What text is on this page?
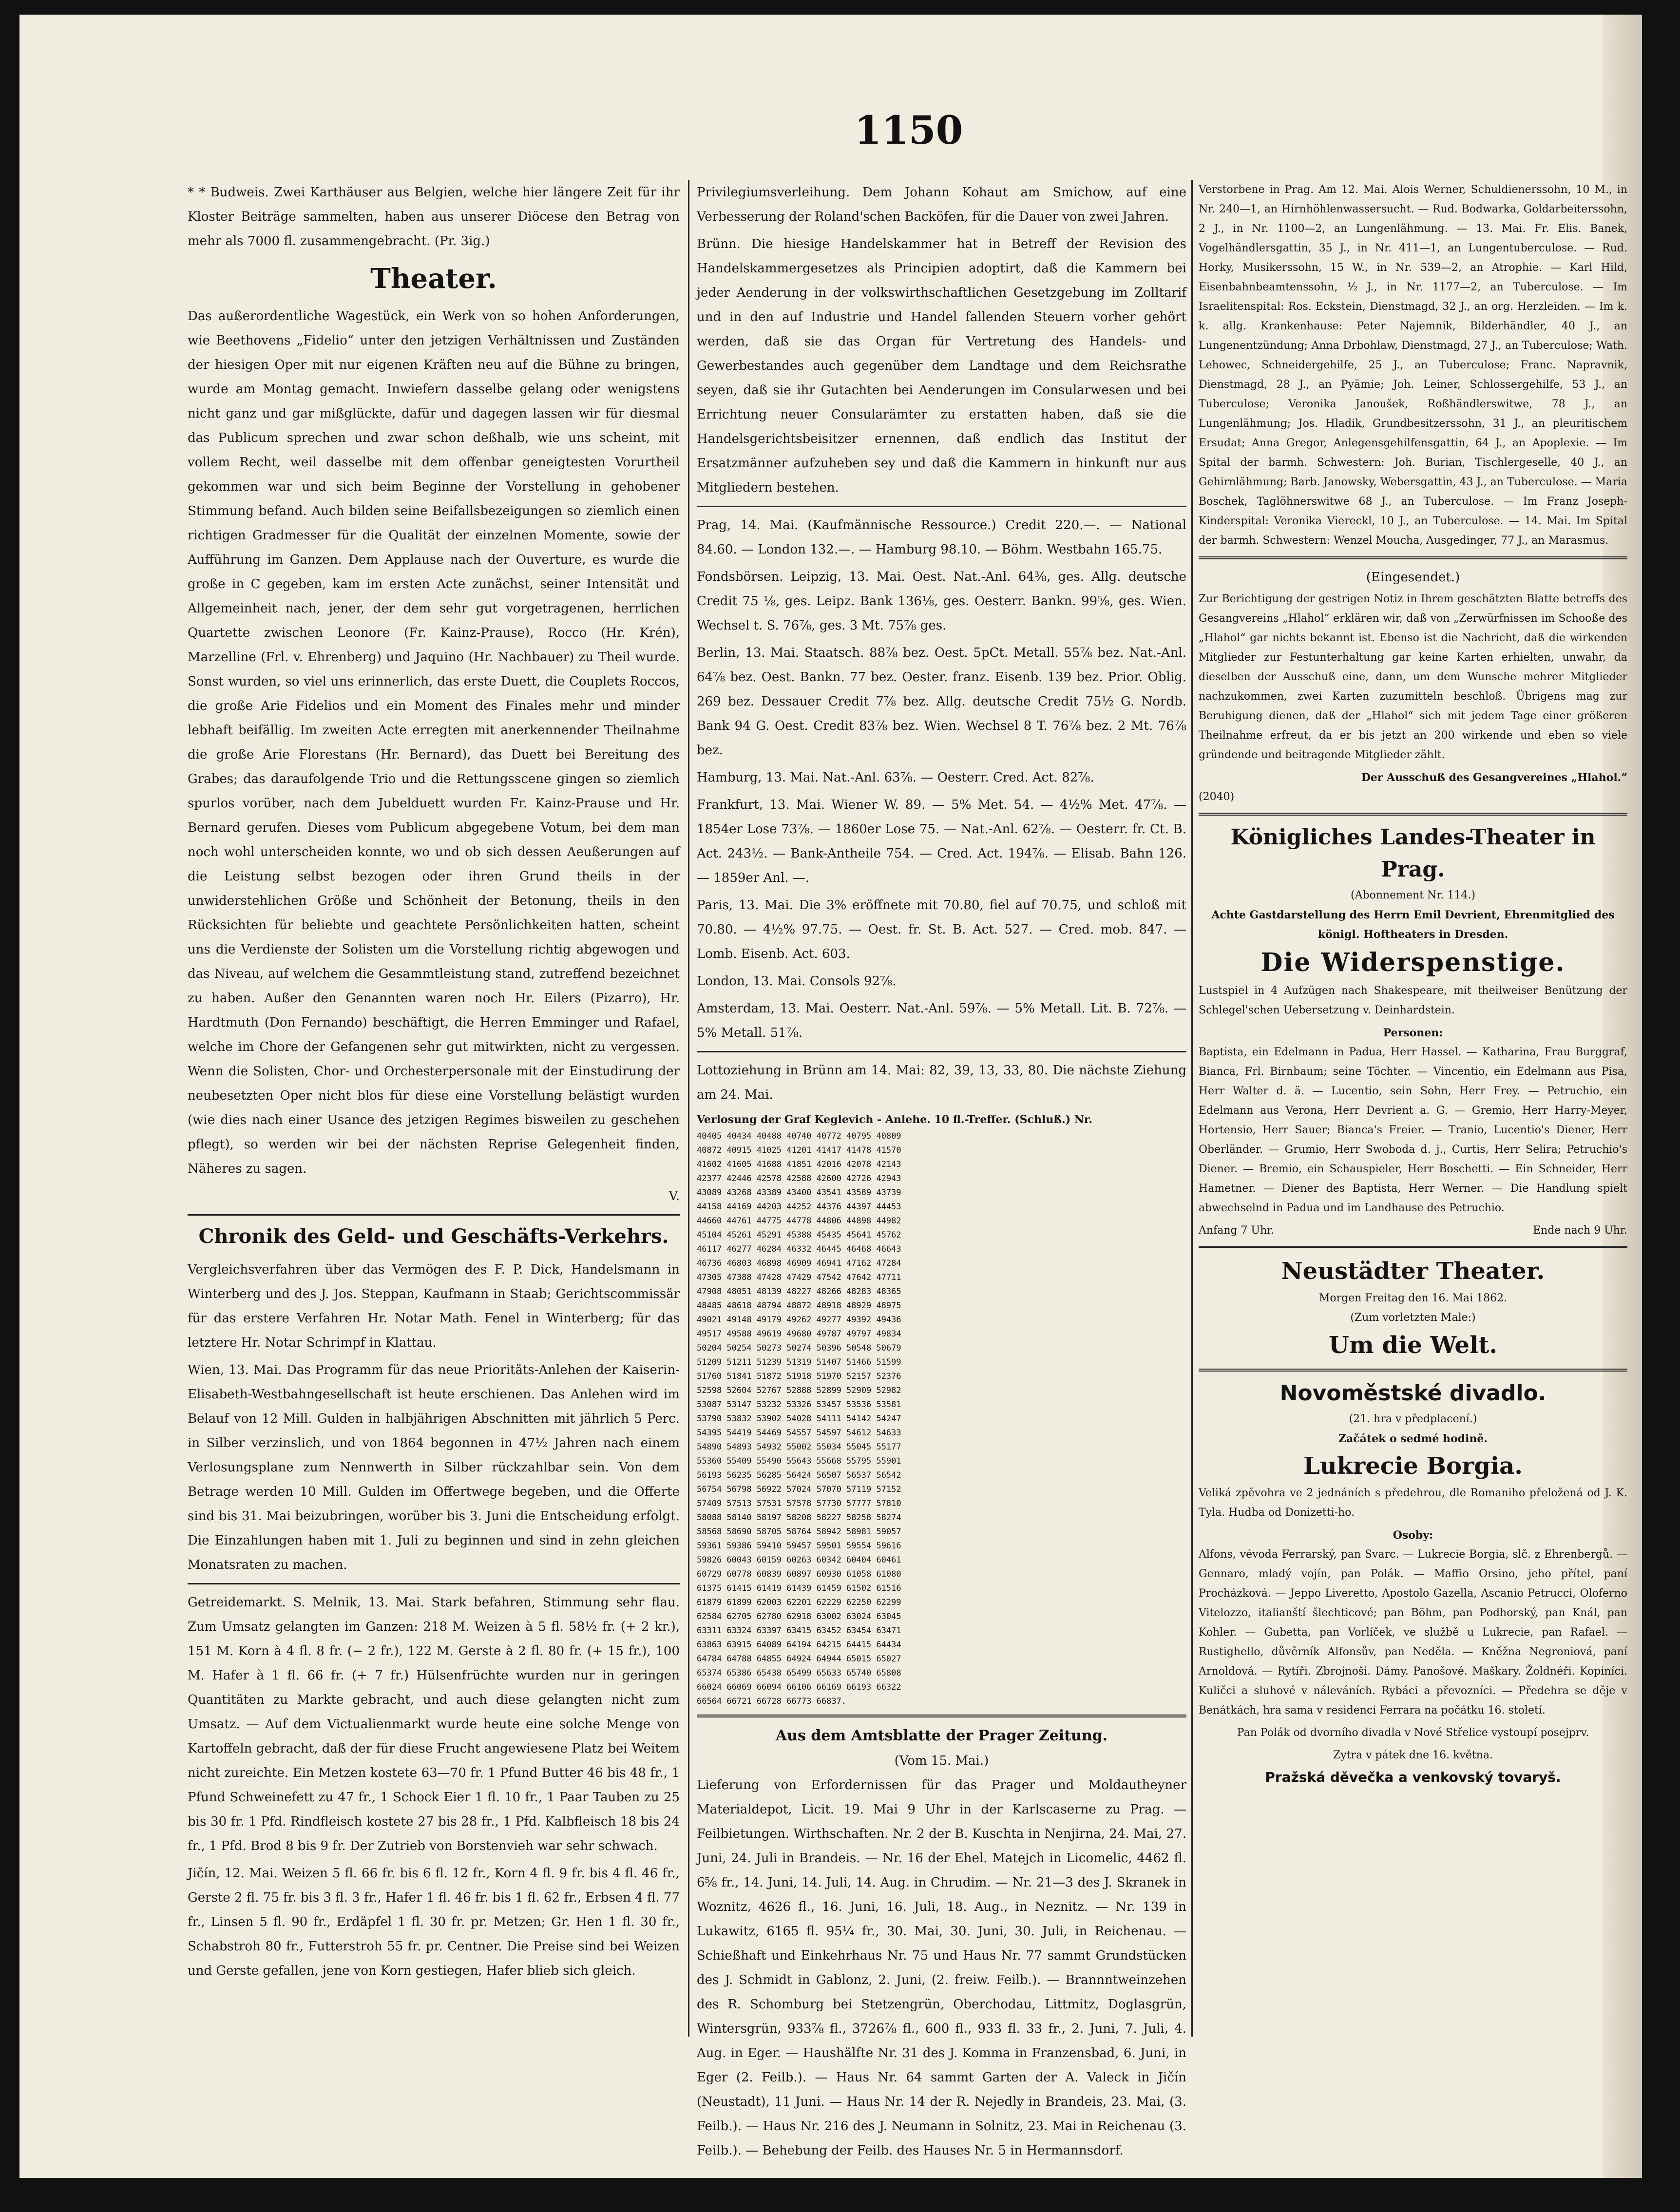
1150

* * Budweis. Zwei Karthäuser aus Belgien, welche hier längere Zeit für ihr Kloster Beiträge sammelten, haben aus unserer Diöcese den Betrag von mehr als 7000 fl. zusammengebracht. (Pr. 3ig.)

Theater.

Das außerordentliche Wagestück, ein Werk von so hohen Anforderungen, wie Beethovens „Fidelio“ unter den jetzigen Verhältnissen und Zuständen der hiesigen Oper mit nur eigenen Kräften neu auf die Bühne zu bringen, wurde am Montag gemacht. Inwiefern dasselbe gelang oder wenigstens nicht ganz und gar mißglückte, dafür und dagegen lassen wir für diesmal das Publicum sprechen und zwar schon deßhalb, wie uns scheint, mit vollem Recht, weil dasselbe mit dem offenbar geneigtesten Vorurtheil gekommen war und sich beim Beginne der Vorstellung in gehobener Stimmung befand. Auch bilden seine Beifallsbezeigungen so ziemlich einen richtigen Gradmesser für die Qualität der einzelnen Momente, sowie der Aufführung im Ganzen. Dem Applause nach der Ouverture, es wurde die große in C gegeben, kam im ersten Acte zunächst, seiner Intensität und Allgemeinheit nach, jener, der dem sehr gut vorgetragenen, herrlichen Quartette zwischen Leonore (Fr. Kainz-Prause), Rocco (Hr. Krén), Marzelline (Frl. v. Ehrenberg) und Jaquino (Hr. Nachbauer) zu Theil wurde. Sonst wurden, so viel uns erinnerlich, das erste Duett, die Couplets Roccos, die große Arie Fidelios und ein Moment des Finales mehr und minder lebhaft beifällig. Im zweiten Acte erregten mit anerkennender Theilnahme die große Arie Florestans (Hr. Bernard), das Duett bei Bereitung des Grabes; das daraufolgende Trio und die Rettungsscene gingen so ziemlich spurlos vorüber, nach dem Jubelduett wurden Fr. Kainz-Prause und Hr. Bernard gerufen. Dieses vom Publicum abgegebene Votum, bei dem man noch wohl unterscheiden konnte, wo und ob sich dessen Aeußerungen auf die Leistung selbst bezogen oder ihren Grund theils in der unwiderstehlichen Größe und Schönheit der Betonung, theils in den Rücksichten für beliebte und geachtete Persönlichkeiten hatten, scheint uns die Verdienste der Solisten um die Vorstellung richtig abgewogen und das Niveau, auf welchem die Gesammtleistung stand, zutreffend bezeichnet zu haben. Außer den Genannten waren noch Hr. Eilers (Pizarro), Hr. Hardtmuth (Don Fernando) beschäftigt, die Herren Emminger und Rafael, welche im Chore der Gefangenen sehr gut mitwirkten, nicht zu vergessen. Wenn die Solisten, Chor- und Orchesterpersonale mit der Einstudirung der neubesetzten Oper nicht blos für diese eine Vorstellung belästigt wurden (wie dies nach einer Usance des jetzigen Regimes bisweilen zu geschehen pflegt), so werden wir bei der nächsten Reprise Gelegenheit finden, Näheres zu sagen.

V.
Chronik des Geld- und Geschäfts-Verkehrs.

Vergleichsverfahren über das Vermögen des F. P. Dick, Handelsmann in Winterberg und des J. Jos. Steppan, Kaufmann in Staab; Gerichtscommissär für das erstere Verfahren Hr. Notar Math. Fenel in Winterberg; für das letztere Hr. Notar Schrimpf in Klattau.

Wien, 13. Mai. Das Programm für das neue Prioritäts-Anlehen der Kaiserin-Elisabeth-Westbahngesellschaft ist heute erschienen. Das Anlehen wird im Belauf von 12 Mill. Gulden in halbjährigen Abschnitten mit jährlich 5 Perc. in Silber verzinslich, und von 1864 begonnen in 47½ Jahren nach einem Verlosungsplane zum Nennwerth in Silber rückzahlbar sein. Von dem Betrage werden 10 Mill. Gulden im Offertwege begeben, und die Offerte sind bis 31. Mai beizubringen, worüber bis 3. Juni die Entscheidung erfolgt. Die Einzahlungen haben mit 1. Juli zu beginnen und sind in zehn gleichen Monatsraten zu machen.

Getreidemarkt. S. Melnik, 13. Mai. Stark befahren, Stimmung sehr flau. Zum Umsatz gelangten im Ganzen: 218 M. Weizen à 5 fl. 58½ fr. (+ 2 kr.), 151 M. Korn à 4 fl. 8 fr. (− 2 fr.), 122 M. Gerste à 2 fl. 80 fr. (+ 15 fr.), 100 M. Hafer à 1 fl. 66 fr. (+ 7 fr.) Hülsenfrüchte wurden nur in geringen Quantitäten zu Markte gebracht, und auch diese gelangten nicht zum Umsatz. — Auf dem Victualienmarkt wurde heute eine solche Menge von Kartoffeln gebracht, daß der für diese Frucht angewiesene Platz bei Weitem nicht zureichte. Ein Metzen kostete 63—70 fr. 1 Pfund Butter 46 bis 48 fr., 1 Pfund Schweinefett zu 47 fr., 1 Schock Eier 1 fl. 10 fr., 1 Paar Tauben zu 25 bis 30 fr. 1 Pfd. Rindfleisch kostete 27 bis 28 fr., 1 Pfd. Kalbfleisch 18 bis 24 fr., 1 Pfd. Brod 8 bis 9 fr. Der Zutrieb von Borstenvieh war sehr schwach.

Jičín, 12. Mai. Weizen 5 fl. 66 fr. bis 6 fl. 12 fr., Korn 4 fl. 9 fr. bis 4 fl. 46 fr., Gerste 2 fl. 75 fr. bis 3 fl. 3 fr., Hafer 1 fl. 46 fr. bis 1 fl. 62 fr., Erbsen 4 fl. 77 fr., Linsen 5 fl. 90 fr., Erdäpfel 1 fl. 30 fr. pr. Metzen; Gr. Hen 1 fl. 30 fr., Schabstroh 80 fr., Futterstroh 55 fr. pr. Centner. Die Preise sind bei Weizen und Gerste gefallen, jene von Korn gestiegen, Hafer blieb sich gleich.

Privilegiumsverleihung. Dem Johann Kohaut am Smichow, auf eine Verbesserung der Roland'schen Backöfen, für die Dauer von zwei Jahren.

Brünn. Die hiesige Handelskammer hat in Betreff der Revision des Handelskammergesetzes als Principien adoptirt, daß die Kammern bei jeder Aenderung in der volkswirthschaftlichen Gesetzgebung im Zolltarif und in den auf Industrie und Handel fallenden Steuern vorher gehört werden, daß sie das Organ für Vertretung des Handels- und Gewerbestandes auch gegenüber dem Landtage und dem Reichsrathe seyen, daß sie ihr Gutachten bei Aenderungen im Consularwesen und bei Errichtung neuer Consularämter zu erstatten haben, daß sie die Handelsgerichtsbeisitzer ernennen, daß endlich das Institut der Ersatzmänner aufzuheben sey und daß die Kammern in hinkunft nur aus Mitgliedern bestehen.

Prag, 14. Mai. (Kaufmännische Ressource.) Credit 220.—. — National 84.60. — London 132.—. — Hamburg 98.10. — Böhm. Westbahn 165.75.

Fondsbörsen. Leipzig, 13. Mai. Oest. Nat.-Anl. 64⅜, ges. Allg. deutsche Credit 75 ⅛, ges. Leipz. Bank 136⅛, ges. Oesterr. Bankn. 99⅝, ges. Wien. Wechsel t. S. 76⅞, ges. 3 Mt. 75⅞ ges.

Berlin, 13. Mai. Staatsch. 88⅞ bez. Oest. 5pCt. Metall. 55⅞ bez. Nat.-Anl. 64⅞ bez. Oest. Bankn. 77 bez. Oester. franz. Eisenb. 139 bez. Prior. Oblig. 269 bez. Dessauer Credit 7⅞ bez. Allg. deutsche Credit 75½ G. Nordb. Bank 94 G. Oest. Credit 83⅞ bez. Wien. Wechsel 8 T. 76⅞ bez. 2 Mt. 76⅞ bez.

Hamburg, 13. Mai. Nat.-Anl. 63⅞. — Oesterr. Cred. Act. 82⅞.

Frankfurt, 13. Mai. Wiener W. 89. — 5% Met. 54. — 4½% Met. 47⅞. — 1854er Lose 73⅞. — 1860er Lose 75. — Nat.-Anl. 62⅞. — Oesterr. fr. Ct. B. Act. 243½. — Bank-Antheile 754. — Cred. Act. 194⅞. — Elisab. Bahn 126. — 1859er Anl. —.

Paris, 13. Mai. Die 3% eröffnete mit 70.80, fiel auf 70.75, und schloß mit 70.80. — 4½% 97.75. — Oest. fr. St. B. Act. 527. — Cred. mob. 847. — Lomb. Eisenb. Act. 603.

London, 13. Mai. Consols 92⅞.

Amsterdam, 13. Mai. Oesterr. Nat.-Anl. 59⅞. — 5% Metall. Lit. B. 72⅞. — 5% Metall. 51⅞.

Lottoziehung in Brünn am 14. Mai: 82, 39, 13, 33, 80. Die nächste Ziehung am 24. Mai.

Verlosung der Graf Keglevich - Anlehe. 10 fl.-Treffer. (Schluß.) Nr.
40405 40434 40488 40740 40772 40795 40809
40872 40915 41025 41201 41417 41478 41570
41602 41605 41688 41851 42016 42078 42143
42377 42446 42578 42588 42600 42726 42943
43089 43268 43389 43400 43541 43589 43739
44158 44169 44203 44252 44376 44397 44453
44660 44761 44775 44778 44806 44898 44982
45104 45261 45291 45388 45435 45641 45762
46117 46277 46284 46332 46445 46468 46643
46736 46803 46898 46909 46941 47162 47284
47305 47388 47428 47429 47542 47642 47711
47908 48051 48139 48227 48266 48283 48365
48485 48618 48794 48872 48918 48929 48975
49021 49148 49179 49262 49277 49392 49436
49517 49588 49619 49680 49787 49797 49834
50204 50254 50273 50274 50396 50548 50679
51209 51211 51239 51319 51407 51466 51599
51760 51841 51872 51918 51970 52157 52376
52598 52604 52767 52888 52899 52909 52982
53087 53147 53232 53326 53457 53536 53581
53790 53832 53902 54028 54111 54142 54247
54395 54419 54469 54557 54597 54612 54633
54890 54893 54932 55002 55034 55045 55177
55360 55409 55490 55643 55668 55795 55901
56193 56235 56285 56424 56507 56537 56542
56754 56798 56922 57024 57070 57119 57152
57409 57513 57531 57578 57730 57777 57810
58088 58140 58197 58208 58227 58258 58274
58568 58690 58705 58764 58942 58981 59057
59361 59386 59410 59457 59501 59554 59616
59826 60043 60159 60263 60342 60404 60461
60729 60778 60839 60897 60930 61058 61080
61375 61415 61419 61439 61459 61502 61516
61879 61899 62003 62201 62229 62250 62299
62584 62705 62780 62918 63002 63024 63045
63311 63324 63397 63415 63452 63454 63471
63863 63915 64089 64194 64215 64415 64434
64784 64788 64855 64924 64944 65015 65027
65374 65386 65438 65499 65633 65740 65808
66024 66069 66094 66106 66169 66193 66322
66564 66721 66728 66773 66837.
Aus dem Amtsblatte der Prager Zeitung.
(Vom 15. Mai.)

Lieferung von Erfordernissen für das Prager und Moldautheyner Materialdepot, Licit. 19. Mai 9 Uhr in der Karlscaserne zu Prag. — Feilbietungen. Wirthschaften. Nr. 2 der B. Kuschta in Nenjirna, 24. Mai, 27. Juni, 24. Juli in Brandeis. — Nr. 16 der Ehel. Matejch in Licomelic, 4462 fl. 6⅝ fr., 14. Juni, 14. Juli, 14. Aug. in Chrudim. — Nr. 21—3 des J. Skranek in Woznitz, 4626 fl., 16. Juni, 16. Juli, 18. Aug., in Neznitz. — Nr. 139 in Lukawitz, 6165 fl. 95¼ fr., 30. Mai, 30. Juni, 30. Juli, in Reichenau. — Schießhaft und Einkehrhaus Nr. 75 und Haus Nr. 77 sammt Grundstücken des J. Schmidt in Gablonz, 2. Juni, (2. freiw. Feilb.). — Brannntweinzehen des R. Schomburg bei Stetzengrün, Oberchodau, Littmitz, Doglasgrün, Wintersgrün, 933⅞ fl., 3726⅞ fl., 600 fl., 933 fl. 33 fr., 2. Juni, 7. Juli, 4. Aug. in Eger. — Haushälfte Nr. 31 des J. Komma in Franzensbad, 6. Juni, in Eger (2. Feilb.). — Haus Nr. 64 sammt Garten der A. Valeck in Jičín (Neustadt), 11 Juni. — Haus Nr. 14 der R. Nejedly in Brandeis, 23. Mai, (3. Feilb.). — Haus Nr. 216 des J. Neumann in Solnitz, 23. Mai in Reichenau (3. Feilb.). — Behebung der Feilb. des Hauses Nr. 5 in Hermannsdorf.

Verstorbene in Prag. Am 12. Mai. Alois Werner, Schuldienerssohn, 10 M., in Nr. 240—1, an Hirnhöhlenwassersucht. — Rud. Bodwarka, Goldarbeiterssohn, 2 J., in Nr. 1100—2, an Lungenlähmung. — 13. Mai. Fr. Elis. Banek, Vogelhändlersgattin, 35 J., in Nr. 411—1, an Lungentuberculose. — Rud. Horky, Musikerssohn, 15 W., in Nr. 539—2, an Atrophie. — Karl Hild, Eisenbahnbeamtenssohn, ½ J., in Nr. 1177—2, an Tuberculose. — Im Israelitenspital: Ros. Eckstein, Dienstmagd, 32 J., an org. Herzleiden. — Im k. k. allg. Krankenhause: Peter Najemnik, Bilderhändler, 40 J., an Lungenentzündung; Anna Drbohlaw, Dienstmagd, 27 J., an Tuberculose; Wath. Lehowec, Schneidergehilfe, 25 J., an Tuberculose; Franc. Napravnik, Dienstmagd, 28 J., an Pyämie; Joh. Leiner, Schlossergehilfe, 53 J., an Tuberculose; Veronika Janoušek, Roßhändlerswitwe, 78 J., an Lungenlähmung; Jos. Hladik, Grundbesitzerssohn, 31 J., an pleuritischem Ersudat; Anna Gregor, Anlegensgehilfensgattin, 64 J., an Apoplexie. — Im Spital der barmh. Schwestern: Joh. Burian, Tischlergeselle, 40 J., an Gehirnlähmung; Barb. Janowsky, Webersgattin, 43 J., an Tuberculose. — Maria Boschek, Taglöhnerswitwe 68 J., an Tuberculose. — Im Franz Joseph-Kinderspital: Veronika Viereckl, 10 J., an Tuberculose. — 14. Mai. Im Spital der barmh. Schwestern: Wenzel Moucha, Ausgedinger, 77 J., an Marasmus.

(Eingesendet.)

Zur Berichtigung der gestrigen Notiz in Ihrem geschätzten Blatte betreffs des Gesangvereins „Hlahol“ erklären wir, daß von „Zerwürfnissen im Schooße des „Hlahol“ gar nichts bekannt ist. Ebenso ist die Nachricht, daß die wirkenden Mitglieder zur Festunterhaltung gar keine Karten erhielten, unwahr, da dieselben der Ausschuß eine, dann, um dem Wunsche mehrer Mitglieder nachzukommen, zwei Karten zuzumitteln beschloß. Übrigens mag zur Beruhigung dienen, daß der „Hlahol“ sich mit jedem Tage einer größeren Theilnahme erfreut, da er bis jetzt an 200 wirkende und eben so viele gründende und beitragende Mitglieder zählt.

Der Ausschuß des Gesangvereines „Hlahol.“
(2040)
Königliches Landes-Theater in Prag.
(Abonnement Nr. 114.)
Achte Gastdarstellung des Herrn Emil Devrient, Ehrenmitglied des königl. Hoftheaters in Dresden.
Die Widerspenstige.

Lustspiel in 4 Aufzügen nach Shakespeare, mit theilweiser Benützung der Schlegel'schen Uebersetzung v. Deinhardstein.

Personen:

Baptista, ein Edelmann in Padua, Herr Hassel. — Katharina, Frau Burggraf, Bianca, Frl. Birnbaum; seine Töchter. — Vincentio, ein Edelmann aus Pisa, Herr Walter d. ä. — Lucentio, sein Sohn, Herr Frey. — Petruchio, ein Edelmann aus Verona, Herr Devrient a. G. — Gremio, Herr Harry-Meyer, Hortensio, Herr Sauer; Bianca's Freier. — Tranio, Lucentio's Diener, Herr Oberländer. — Grumio, Herr Swoboda d. j., Curtis, Herr Selira; Petruchio's Diener. — Bremio, ein Schauspieler, Herr Boschetti. — Ein Schneider, Herr Hametner. — Diener des Baptista, Herr Werner. — Die Handlung spielt abwechselnd in Padua und im Landhause des Petruchio.

Anfang 7 Uhr.	Ende nach 9 Uhr.
Neustädter Theater.
Morgen Freitag den 16. Mai 1862.
(Zum vorletzten Male:)
Um die Welt.
Novoměstské divadlo.
(21. hra v předplacení.)
Začátek o sedmé hodině.
Lukrecie Borgia.

Veliká zpěvohra ve 2 jednáních s předehrou, dle Romaniho přeložená od J. K. Tyla. Hudba od Donizetti-ho.

Osoby:

Alfons, vévoda Ferrarský, pan Svarc. — Lukrecie Borgia, slč. z Ehrenbergů. — Gennaro, mladý vojín, pan Polák. — Maffio Orsino, jeho přítel, paní Procházková. — Jeppo Liveretto, Apostolo Gazella, Ascanio Petrucci, Oloferno Vitelozzo, italianští šlechticové; pan Böhm, pan Podhorský, pan Knál, pan Kohler. — Gubetta, pan Vorlíček, ve službě u Lukrecie, pan Rafael. — Rustighello, důvěrník Alfonsův, pan Neděla. — Kněžna Negroniová, paní Arnoldová. — Rytíři. Zbrojnoši. Dámy. Panošové. Maškary. Žoldnéři. Kopiníci. Kuličci a sluhové v náleváních. Rybáci a převozníci. — Předehra se děje v Benátkách, hra sama v residenci Ferrara na počátku 16. století.

Pan Polák od dvorního divadla v Nové Střelice vystoupí posejprv.

Zytra v pátek dne 16. května.
Pražská děvečka a venkovský tovaryš.
